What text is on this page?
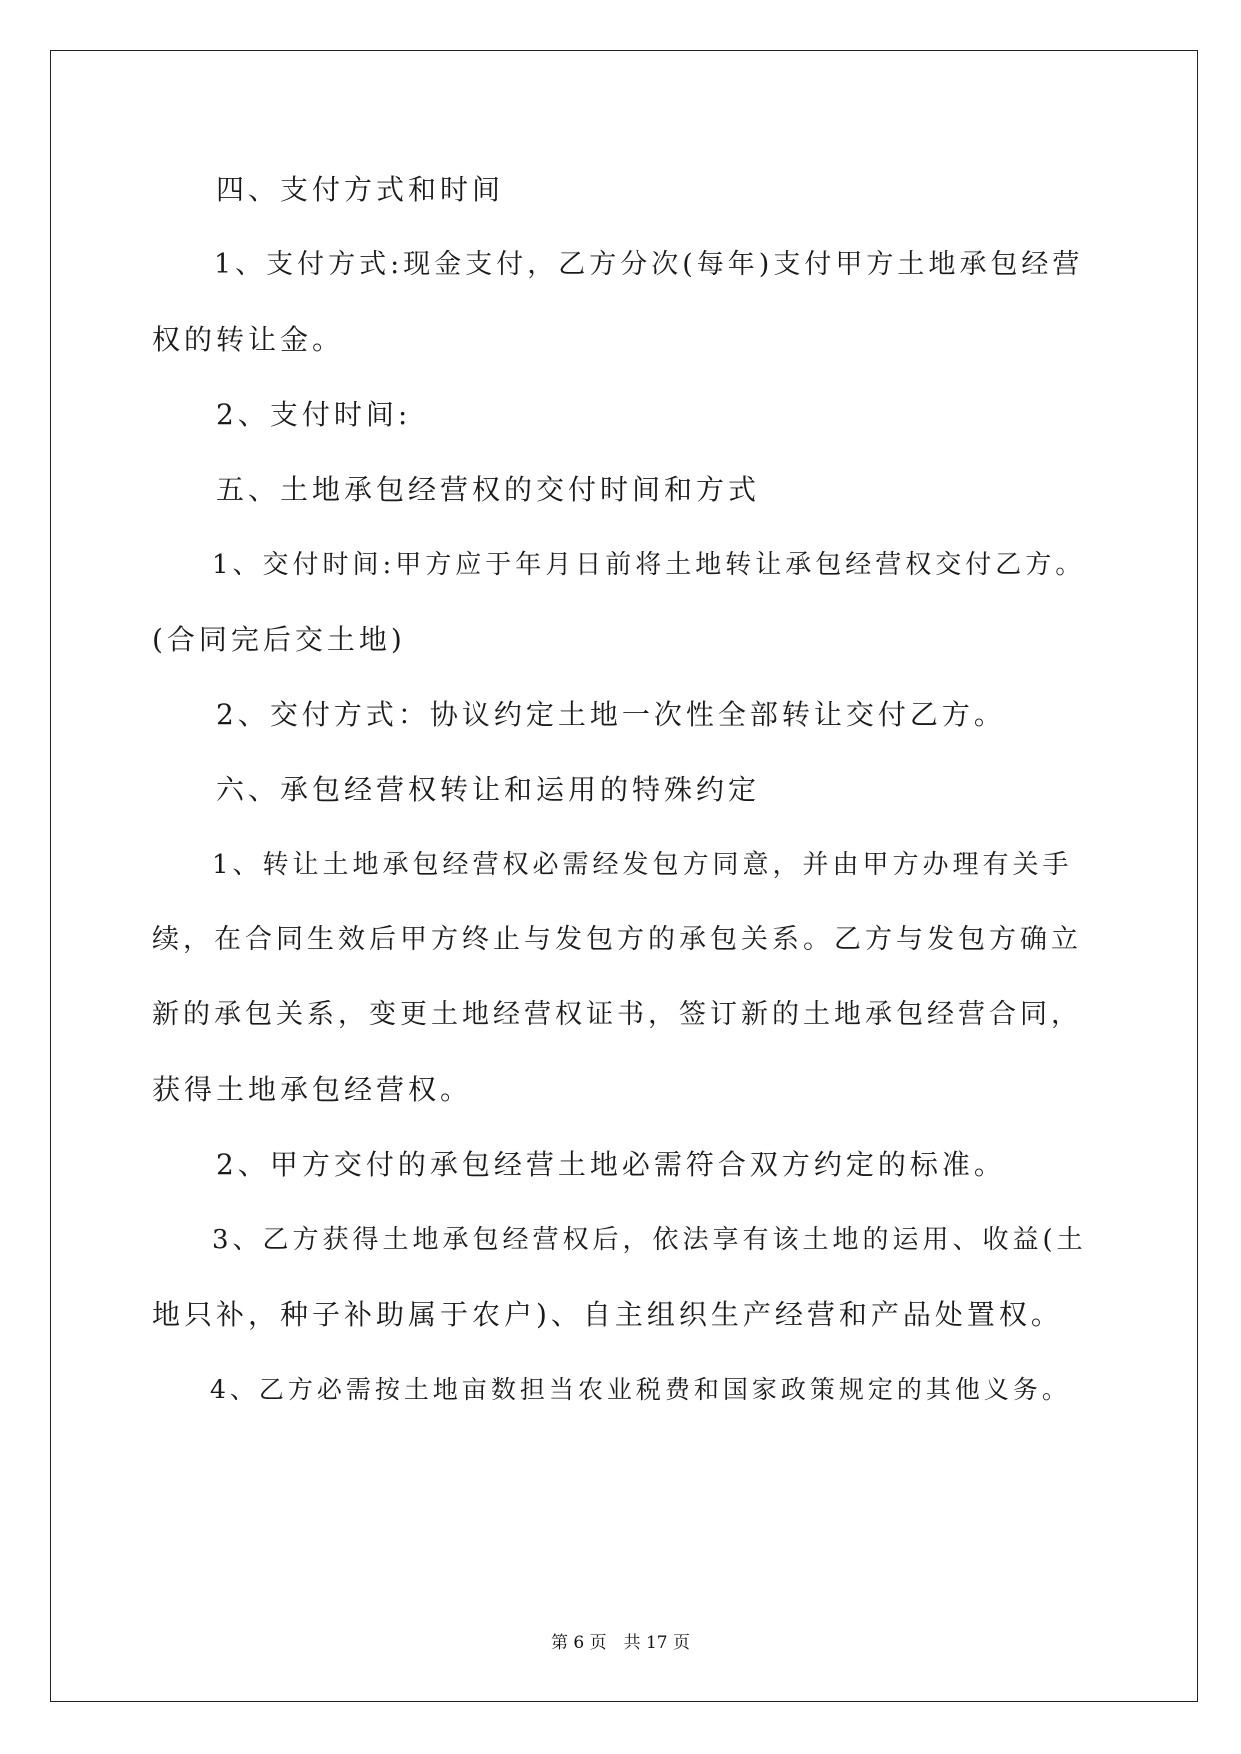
　　四、支付方式和时间
　　1、支付方式:现金支付，乙方分次(每年)支付甲方土地承包经营
权的转让金。
　　2、支付时间:
　　五、土地承包经营权的交付时间和方式
　　1、交付时间:甲方应于年月日前将土地转让承包经营权交付乙方。
(合同完后交土地)
　　2、交付方式：协议约定土地一次性全部转让交付乙方。
　　六、承包经营权转让和运用的特殊约定
　　1、转让土地承包经营权必需经发包方同意，并由甲方办理有关手
续，在合同生效后甲方终止与发包方的承包关系。乙方与发包方确立
新的承包关系，变更土地经营权证书，签订新的土地承包经营合同，
获得土地承包经营权。
　　2、甲方交付的承包经营土地必需符合双方约定的标准。
　　3、乙方获得土地承包经营权后，依法享有该土地的运用、收益(土
地只补，种子补助属于农户)、自主组织生产经营和产品处置权。
　　4、乙方必需按土地亩数担当农业税费和国家政策规定的其他义务。
第 6 页　共 17 页
